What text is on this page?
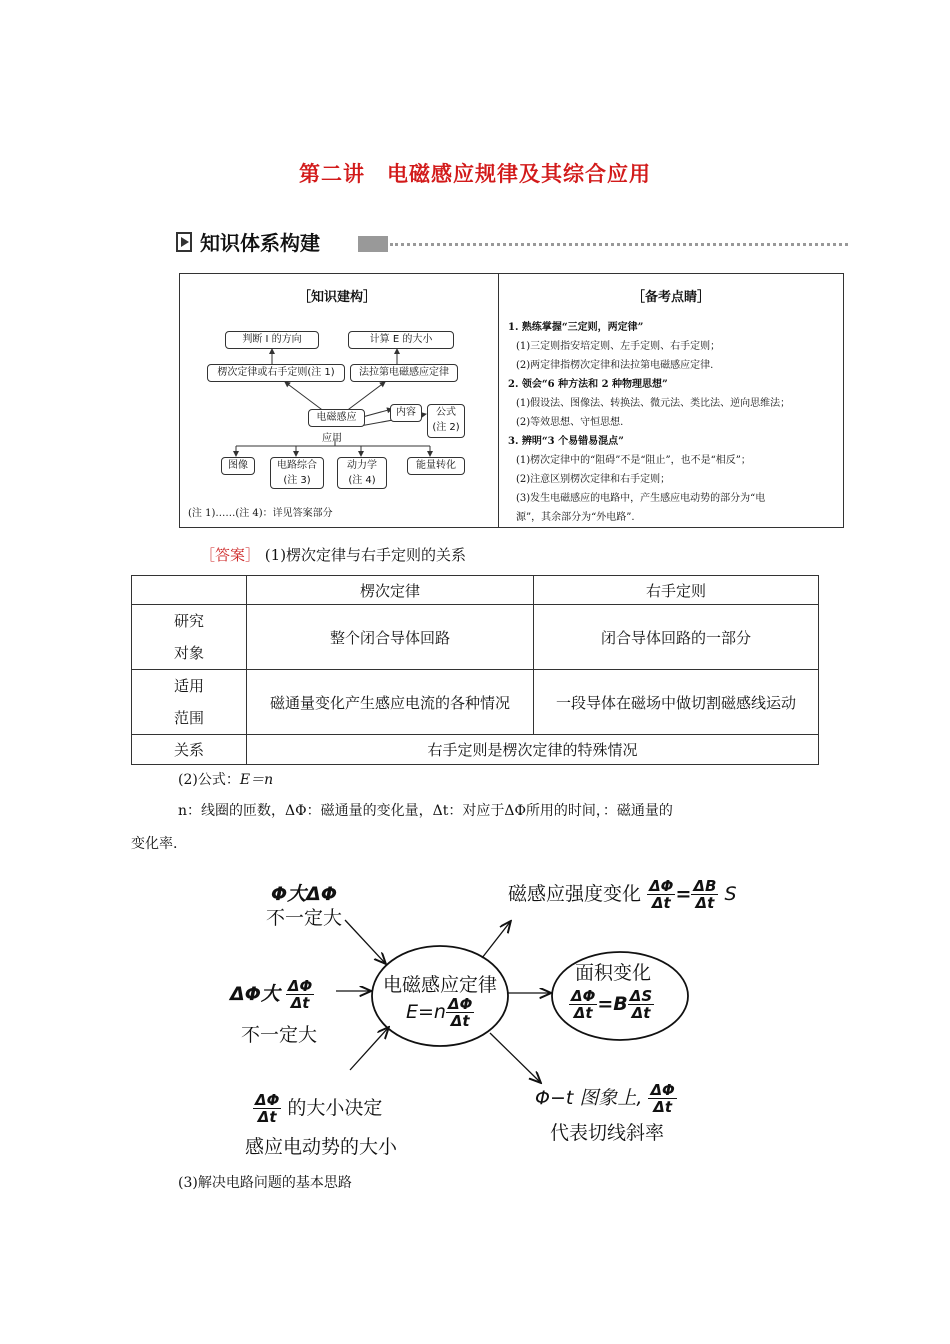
第二讲 电磁感应规律及其综合应用
知识体系构建
［知识建构］	［备考点睛］
判断 I 的方向	计算 E 的大小
楞次定律或右手定则(注 1)	法拉第电磁感应定律
内容	公式
(注 2)
电磁感应
应用
图像	电路综合
(注 3)
动力学
(注 4)
能量转化
(注 1)……(注 4)：详见答案部分
1. 熟练掌握“三定则，两定律”
(1)三定则指安培定则、左手定则、右手定则；
(2)两定律指楞次定律和法拉第电磁感应定律.
2. 领会“6 种方法和 2 种物理思想”
(1)假设法、图像法、转换法、微元法、类比法、逆向思维法；
(2)等效思想、守恒思想.
3. 辨明“3 个易错易混点”
(1)楞次定律中的“阻碍”不是“阻止”，也不是“相反”；
(2)注意区别楞次定律和右手定则；
(3)发生电磁感应的电路中，产生感应电动势的部分为“电
源”，其余部分为“外电路”.
［答案］ (1)楞次定律与右手定则的关系
	楞次定律	右手定则

研究
对象	整个闭合导体回路	闭合导体回路的一部分

适用
范围	磁通量变化产生感应电流的各种情况	一段导体在磁场中做切割磁感线运动
关系	右手定则是楞次定律的特殊情况	
(2)公式：E＝n
n：线圈的匝数，ΔΦ：磁通量的变化量，Δt：对应于ΔΦ所用的时间，：磁通量的
变化率.
Φ大ΔΦ
不一定大
ΔΦ大 $\frac{\Delta\Phi}{\Delta t}$
不一定大
$\frac{\Delta\Phi}{\Delta t}$ 的大小决定
感应电动势的大小
电磁感应定律
$E=n \frac{\Delta\Phi}{\Delta t}$
磁感应强度变化 $\frac{\Delta\Phi}{\Delta t} = \frac{\Delta B}{\Delta t}$ S
面积变化
$\frac{\Delta\Phi}{\Delta t} =B \frac{\Delta S}{\Delta t}$
Φ−t 图象上, $\frac{\Delta\Phi}{\Delta t}$
代表切线斜率
(3)解决电路问题的基本思路
